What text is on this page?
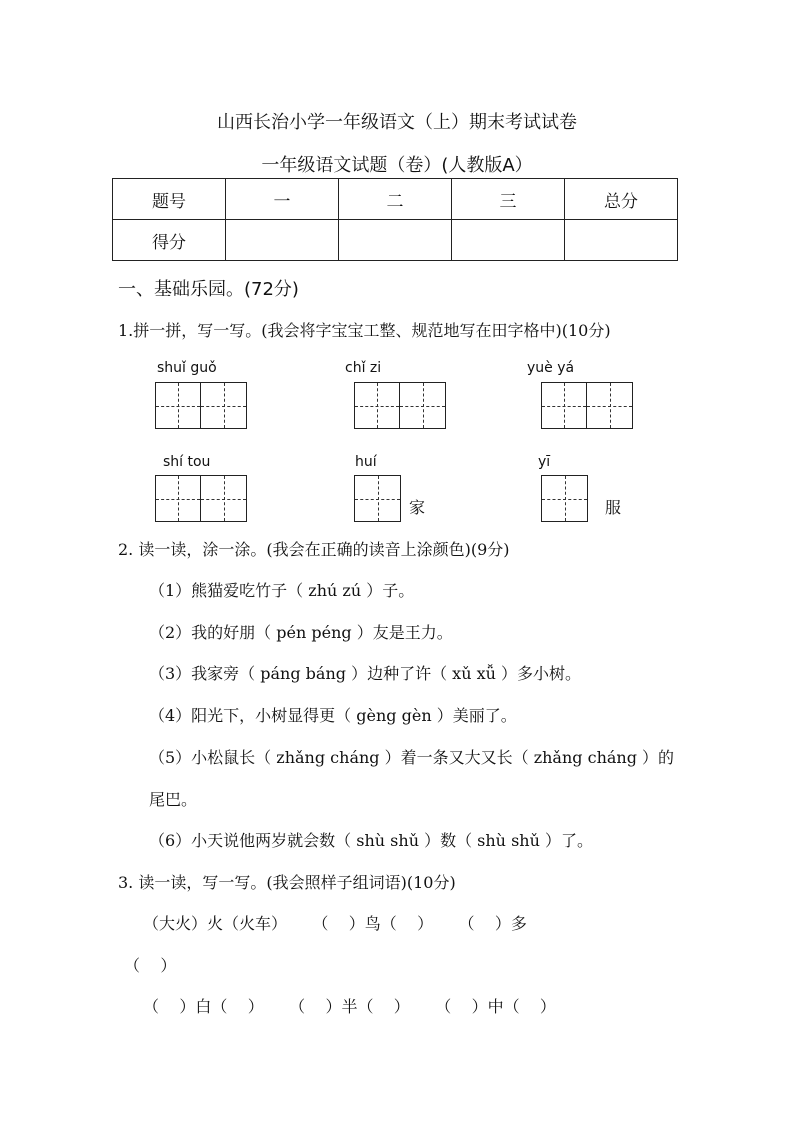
山西长治小学一年级语文（上）期末考试试卷
一年级语文试题（卷）(人教版A）
题号	一	二	三	总分
得分				
一、基础乐园。(72分)
1.拼一拼，写一写。(我会将字宝宝工整、规范地写在田字格中)(10分)
shuǐ guǒ	chǐ zi	yuè yá
shí tou	huí	yī
家	服
2. 读一读，涂一涂。(我会在正确的读音上涂颜色)(9分)
（1）熊猫爱吃竹子（ zhú zú ）子。
（2）我的好朋（ pén péng ）友是王力。
（3）我家旁（ páng báng ）边种了许（ xǔ xǚ ）多小树。
（4）阳光下，小树显得更（ gèng gèn ）美丽了。
（5）小松鼠长（ zhǎng cháng ）着一条又大又长（ zhǎng cháng ）的
尾巴。
（6）小天说他两岁就会数（ shù shǔ ）数（ shù shǔ ）了。
3. 读一读，写一写。(我会照样子组词语)(10分)
（大火）火（火车）     （    ）鸟（    ）     （    ）多
（    ）
（    ）白（    ）     （    ）半（    ）     （    ）中（    ）
